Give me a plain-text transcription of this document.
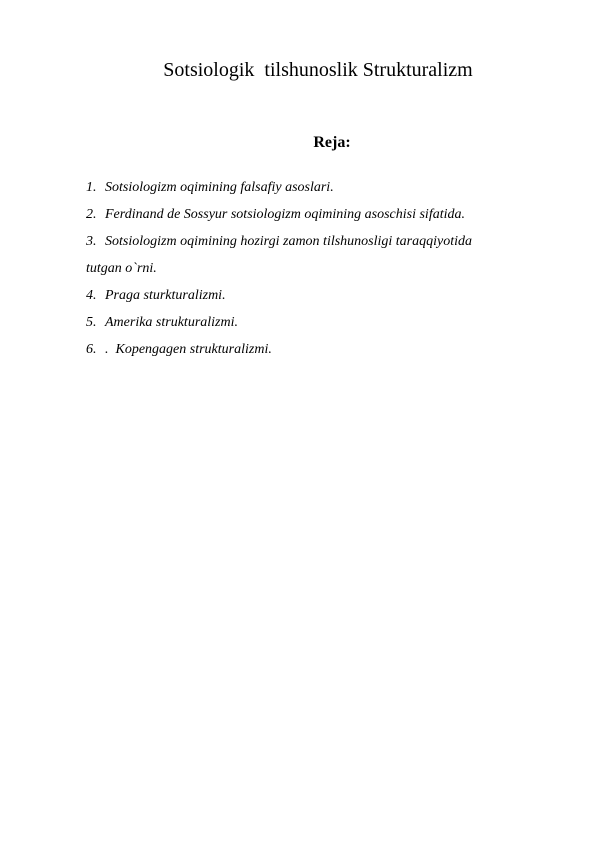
Sotsiologik  tilshunoslik Strukturalizm
Reja:
1. Sotsiologizm oqimining falsafiy asoslari.
2. Ferdinand de Sossyur sotsiologizm oqimining asoschisi sifatida.
3. Sotsiologizm oqimining hozirgi zamon tilshunosligi taraqqiyotida
tutgan o`rni.
4. Praga sturkturalizmi.
5. Amerika strukturalizmi.
6. .  Kopengagen strukturalizmi.
